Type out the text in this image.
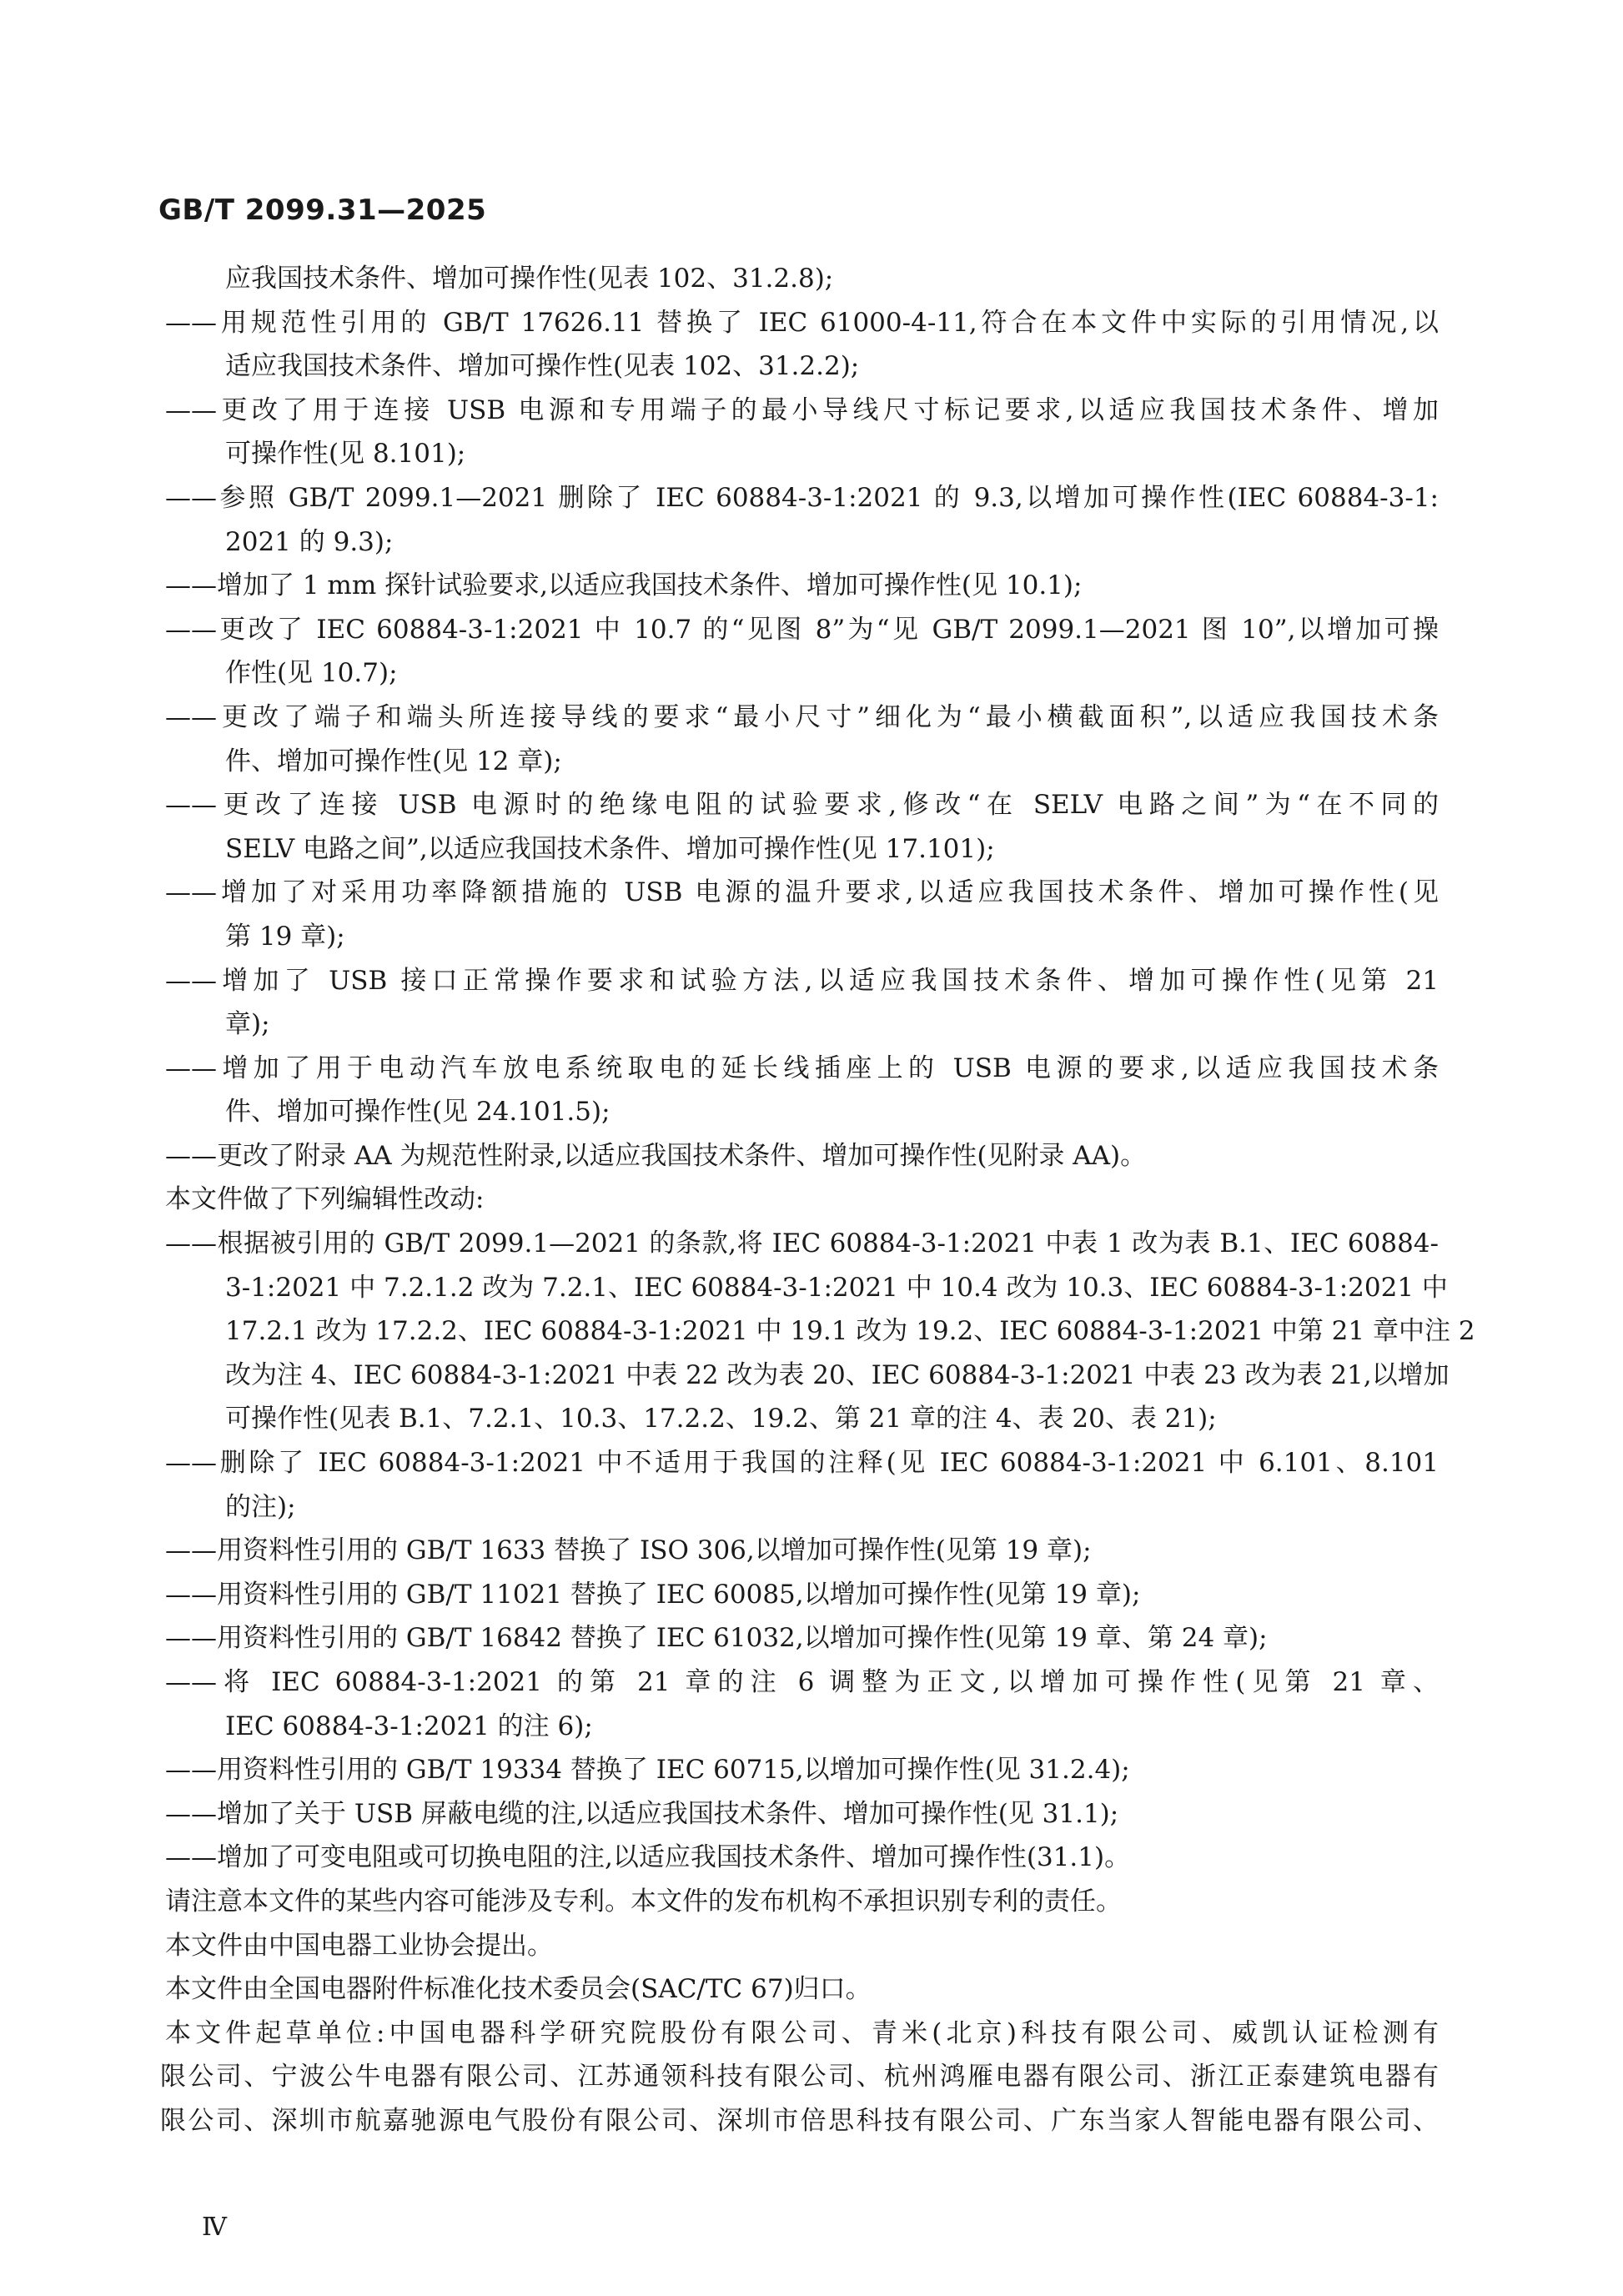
GB/T 2099.31—2025
应我国技术条件、增加可操作性(见表 102、31.2.8);
——用规范性引用的 GB/T 17626.11 替换了 IEC 61000-4-11,符合在本文件中实际的引用情况,以
适应我国技术条件、增加可操作性(见表 102、31.2.2);
——更改了用于连接 USB 电源和专用端子的最小导线尺寸标记要求,以适应我国技术条件、增加
可操作性(见 8.101);
——参照 GB/T 2099.1—2021 删除了 IEC 60884-3-1:2021 的 9.3,以增加可操作性(IEC 60884-3-1:
2021 的 9.3);
——增加了 1 mm 探针试验要求,以适应我国技术条件、增加可操作性(见 10.1);
——更改了 IEC 60884-3-1:2021 中 10.7 的“见图 8”为“见 GB/T 2099.1—2021 图 10”,以增加可操
作性(见 10.7);
——更改了端子和端头所连接导线的要求“最小尺寸”细化为“最小横截面积”,以适应我国技术条
件、增加可操作性(见 12 章);
——更改了连接 USB 电源时的绝缘电阻的试验要求,修改“在 SELV 电路之间”为“在不同的
SELV 电路之间”,以适应我国技术条件、增加可操作性(见 17.101);
——增加了对采用功率降额措施的 USB 电源的温升要求,以适应我国技术条件、增加可操作性(见
第 19 章);
——增加了 USB 接口正常操作要求和试验方法,以适应我国技术条件、增加可操作性(见第 21
章);
——增加了用于电动汽车放电系统取电的延长线插座上的 USB 电源的要求,以适应我国技术条
件、增加可操作性(见 24.101.5);
——更改了附录 AA 为规范性附录,以适应我国技术条件、增加可操作性(见附录 AA)。
本文件做了下列编辑性改动:
——根据被引用的 GB/T 2099.1—2021 的条款,将 IEC 60884-3-1:2021 中表 1 改为表 B.1、IEC 60884-
3-1:2021 中 7.2.1.2 改为 7.2.1、IEC 60884-3-1:2021 中 10.4 改为 10.3、IEC 60884-3-1:2021 中
17.2.1 改为 17.2.2、IEC 60884-3-1:2021 中 19.1 改为 19.2、IEC 60884-3-1:2021 中第 21 章中注 2
改为注 4、IEC 60884-3-1:2021 中表 22 改为表 20、IEC 60884-3-1:2021 中表 23 改为表 21,以增加
可操作性(见表 B.1、7.2.1、10.3、17.2.2、19.2、第 21 章的注 4、表 20、表 21);
——删除了 IEC 60884-3-1:2021 中不适用于我国的注释(见 IEC 60884-3-1:2021 中 6.101、8.101
的注);
——用资料性引用的 GB/T 1633 替换了 ISO 306,以增加可操作性(见第 19 章);
——用资料性引用的 GB/T 11021 替换了 IEC 60085,以增加可操作性(见第 19 章);
——用资料性引用的 GB/T 16842 替换了 IEC 61032,以增加可操作性(见第 19 章、第 24 章);
——将 IEC 60884-3-1:2021 的第 21 章的注 6 调整为正文,以增加可操作性(见第 21 章、
IEC 60884-3-1:2021 的注 6);
——用资料性引用的 GB/T 19334 替换了 IEC 60715,以增加可操作性(见 31.2.4);
——增加了关于 USB 屏蔽电缆的注,以适应我国技术条件、增加可操作性(见 31.1);
——增加了可变电阻或可切换电阻的注,以适应我国技术条件、增加可操作性(31.1)。
请注意本文件的某些内容可能涉及专利。本文件的发布机构不承担识别专利的责任。
本文件由中国电器工业协会提出。
本文件由全国电器附件标准化技术委员会(SAC/TC 67)归口。
本文件起草单位:中国电器科学研究院股份有限公司、青米(北京)科技有限公司、威凯认证检测有
限公司、宁波公牛电器有限公司、江苏通领科技有限公司、杭州鸿雁电器有限公司、浙江正泰建筑电器有
限公司、深圳市航嘉驰源电气股份有限公司、深圳市倍思科技有限公司、广东当家人智能电器有限公司、
Ⅳ
